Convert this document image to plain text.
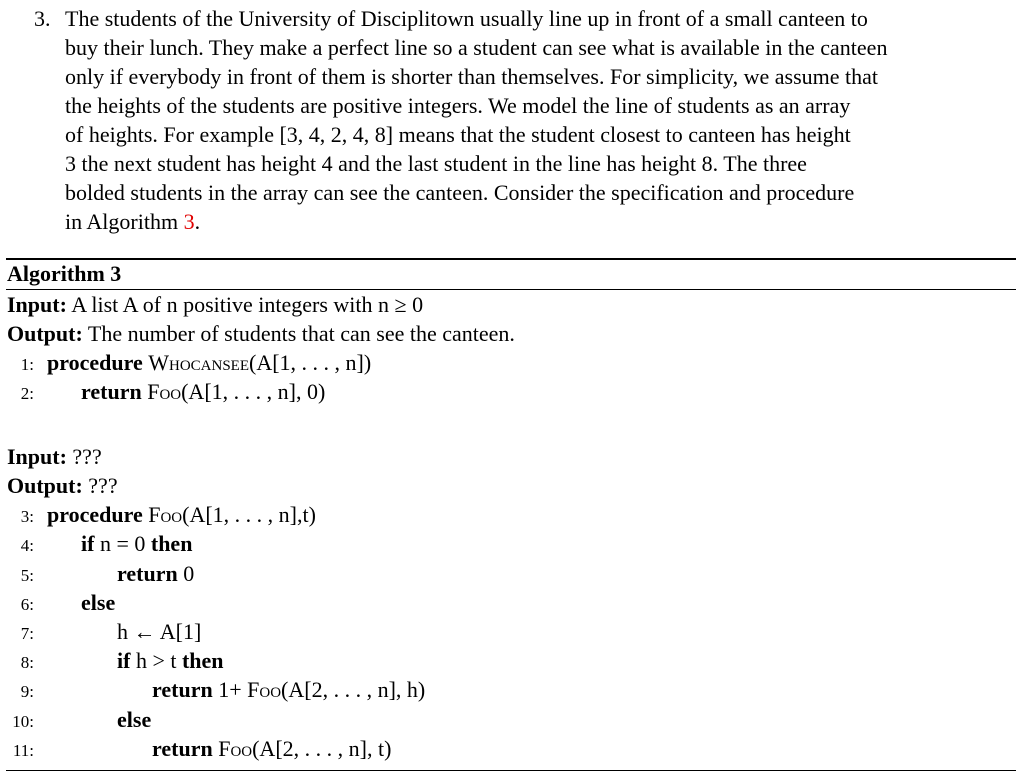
3. The students of the University of Disciplitown usually line up in front of a small canteen to
buy their lunch. They make a perfect line so a student can see what is available in the canteen
only if everybody in front of them is shorter than themselves. For simplicity, we assume that
the heights of the students are positive integers. We model the line of students as an array
of heights. For example [3, 4, 2, 4, 8] means that the student closest to canteen has height
3 the next student has height 4 and the last student in the line has height 8. The three
bolded students in the array can see the canteen. Consider the specification and procedure
in Algorithm 3.
Algorithm 3
Input: A list A of n positive integers with n ≥ 0
Output: The number of students that can see the canteen.
1: procedure Whocansee(A[1, . . . , n])
2: return Foo(A[1, . . . , n], 0)
Input: ???
Output: ???
3: procedure Foo(A[1, . . . , n],t)
4: if n = 0 then
5:	return 0
6: else
7:	h ← A[1]
8:	if h > t then
9:	return 1+ Foo(A[2, . . . , n], h)
10:	else
11:	return Foo(A[2, . . . , n], t)
